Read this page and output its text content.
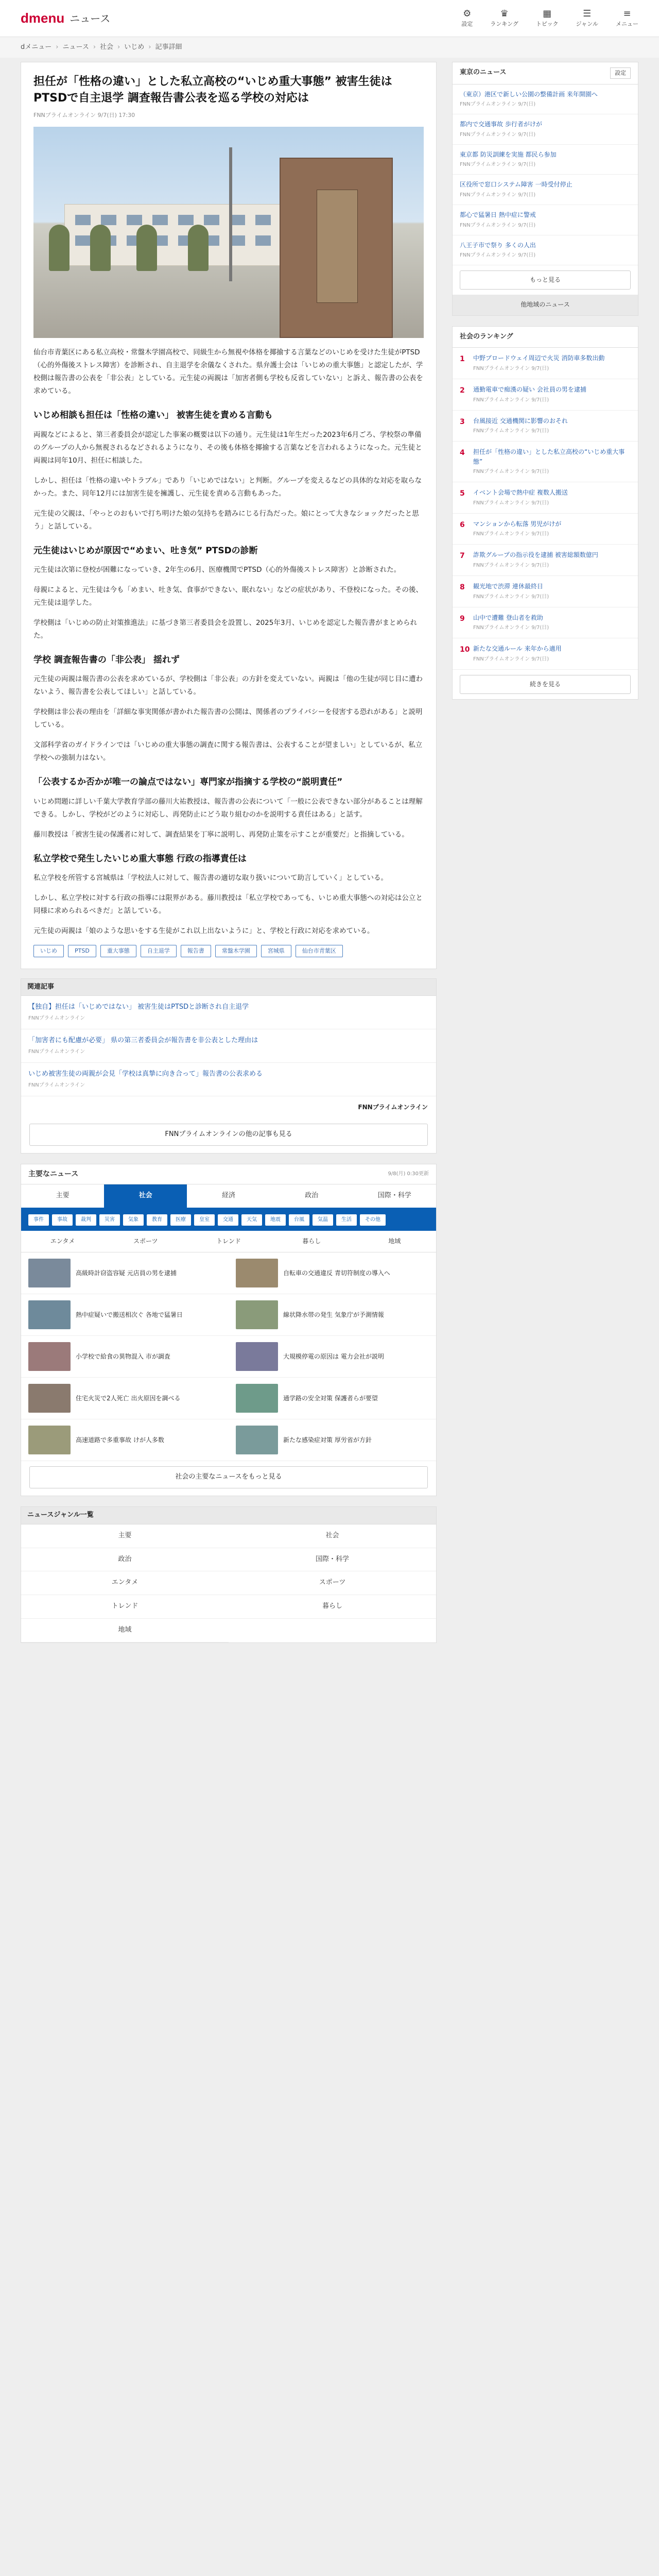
dmenu ニュース	⚙
設定
♛
ランキング
▦
トピック
☰
ジャンル
≡
メニュー
dメニュー › ニュース › 社会 › いじめ › 記事詳細
担任が「性格の違い」とした私立高校の“いじめ重大事態” 被害生徒はPTSDで自主退学 調査報告書公表を巡る学校の対応は
FNNプライムオンライン 9/7(日) 17:30

仙台市青葉区にある私立高校・常盤木学園高校で、同級生から無視や体格を揶揄する言葉などのいじめを受けた生徒がPTSD（心的外傷後ストレス障害）を診断され、自主退学を余儀なくされた。県弁護士会は「いじめの重大事態」と認定したが、学校側は報告書の公表を「非公表」としている。元生徒の両親は「加害者側も学校も反省していない」と訴え、報告書の公表を求めている。

いじめ相談も担任は「性格の違い」 被害生徒を責める言動も

両親などによると、第三者委員会が認定した事案の概要は以下の通り。元生徒は1年生だった2023年6月ごろ、学校祭の準備のグループの人から無視されるなどされるようになり、その後も体格を揶揄する言葉などを言われるようになった。元生徒と両親は同年10月、担任に相談した。

しかし、担任は「性格の違いやトラブル」であり「いじめではない」と判断。グループを変えるなどの具体的な対応を取らなかった。また、同年12月には加害生徒を擁護し、元生徒を責める言動もあった。

元生徒の父親は、「やっとのおもいで打ち明けた娘の気持ちを踏みにじる行為だった。娘にとって大きなショックだったと思う」と話している。

元生徒はいじめが原因で“めまい、吐き気” PTSDの診断

元生徒は次第に登校が困難になっていき、2年生の6月、医療機関でPTSD（心的外傷後ストレス障害）と診断された。

母親によると、元生徒は今も「めまい、吐き気、食事ができない、眠れない」などの症状があり、不登校になった。その後、元生徒は退学した。

学校側は「いじめの防止対策推進法」に基づき第三者委員会を設置し、2025年3月、いじめを認定した報告書がまとめられた。

学校 調査報告書の「非公表」 揺れず

元生徒の両親は報告書の公表を求めているが、学校側は「非公表」の方針を変えていない。両親は「他の生徒が同じ目に遭わないよう、報告書を公表してほしい」と話している。

学校側は非公表の理由を「詳細な事実関係が書かれた報告書の公開は、関係者のプライバシーを侵害する恐れがある」と説明している。

文部科学省のガイドラインでは「いじめの重大事態の調査に関する報告書は、公表することが望ましい」としているが、私立学校への強制力はない。

「公表するか否かが唯一の論点ではない」専門家が指摘する学校の“説明責任”

いじめ問題に詳しい千葉大学教育学部の藤川大祐教授は、報告書の公表について「一般に公表できない部分があることは理解できる。しかし、学校がどのように対応し、再発防止にどう取り組むのかを説明する責任はある」と話す。

藤川教授は「被害生徒の保護者に対して、調査結果を丁寧に説明し、再発防止策を示すことが重要だ」と指摘している。

私立学校で発生したいじめ重大事態 行政の指導責任は

私立学校を所管する宮城県は「学校法人に対して、報告書の適切な取り扱いについて助言していく」としている。

しかし、私立学校に対する行政の指導には限界がある。藤川教授は「私立学校であっても、いじめ重大事態への対応は公立と同様に求められるべきだ」と話している。

元生徒の両親は「娘のような思いをする生徒がこれ以上出ないように」と、学校と行政に対応を求めている。

いじめ	PTSD	重大事態	自主退学	報告書	常盤木学園	宮城県	仙台市青葉区
関連記事
【独自】担任は「いじめではない」 被害生徒はPTSDと診断され自主退学
FNNプライムオンライン
「加害者にも配慮が必要」 県の第三者委員会が報告書を非公表とした理由は
FNNプライムオンライン
いじめ被害生徒の両親が会見「学校は真摯に向き合って」報告書の公表求める
FNNプライムオンライン
FNNプライムオンライン
FNNプライムオンラインの他の記事も見る
主要なニュース	9/8(月) 0:30更新
主要	社会	経済	政治	国際・科学
事件	事故	裁判	災害	気象	教育	医療	皇室	交通	天気	地震	台風	気温	生活	その他
エンタメ	スポーツ	トレンド	暮らし	地域
高級時計窃盗容疑 元店員の男を逮捕	自転車の交通違反 青切符制度の導入へ
熱中症疑いで搬送相次ぐ 各地で猛暑日	線状降水帯の発生 気象庁が予測情報
小学校で給食の異物混入 市が調査	大規模停電の原因は 電力会社が説明
住宅火災で2人死亡 出火原因を調べる	通学路の安全対策 保護者らが要望
高速道路で多重事故 けが人多数	新たな感染症対策 厚労省が方針
社会の主要なニュースをもっと見る
ニュースジャンル一覧
主要	社会
政治	国際・科学
エンタメ	スポーツ
トレンド	暮らし
地域
東京のニュース	設定
（東京）港区で新しい公園の整備計画 来年開園へ
FNNプライムオンライン 9/7(日)
都内で交通事故 歩行者がけが
FNNプライムオンライン 9/7(日)
東京都 防災訓練を実施 都民ら参加
FNNプライムオンライン 9/7(日)
区役所で窓口システム障害 一時受付停止
FNNプライムオンライン 9/7(日)
都心で猛暑日 熱中症に警戒
FNNプライムオンライン 9/7(日)
八王子市で祭り 多くの人出
FNNプライムオンライン 9/7(日)
もっと見る
他地域のニュース
社会のランキング
1	中野ブロードウェイ周辺で火災 消防車多数出動
FNNプライムオンライン 9/7(日)
2	通勤電車で痴漢の疑い 会社員の男を逮捕
FNNプライムオンライン 9/7(日)
3	台風接近 交通機関に影響のおそれ
FNNプライムオンライン 9/7(日)
4	担任が「性格の違い」とした私立高校の“いじめ重大事態”
FNNプライムオンライン 9/7(日)
5	イベント会場で熱中症 複数人搬送
FNNプライムオンライン 9/7(日)
6	マンションから転落 男児がけが
FNNプライムオンライン 9/7(日)
7	詐欺グループの指示役を逮捕 被害総額数億円
FNNプライムオンライン 9/7(日)
8	観光地で渋滞 連休最終日
FNNプライムオンライン 9/7(日)
9	山中で遭難 登山者を救助
FNNプライムオンライン 9/7(日)
10 新たな交通ルール 来年から適用
FNNプライムオンライン 9/7(日)
続きを見る
